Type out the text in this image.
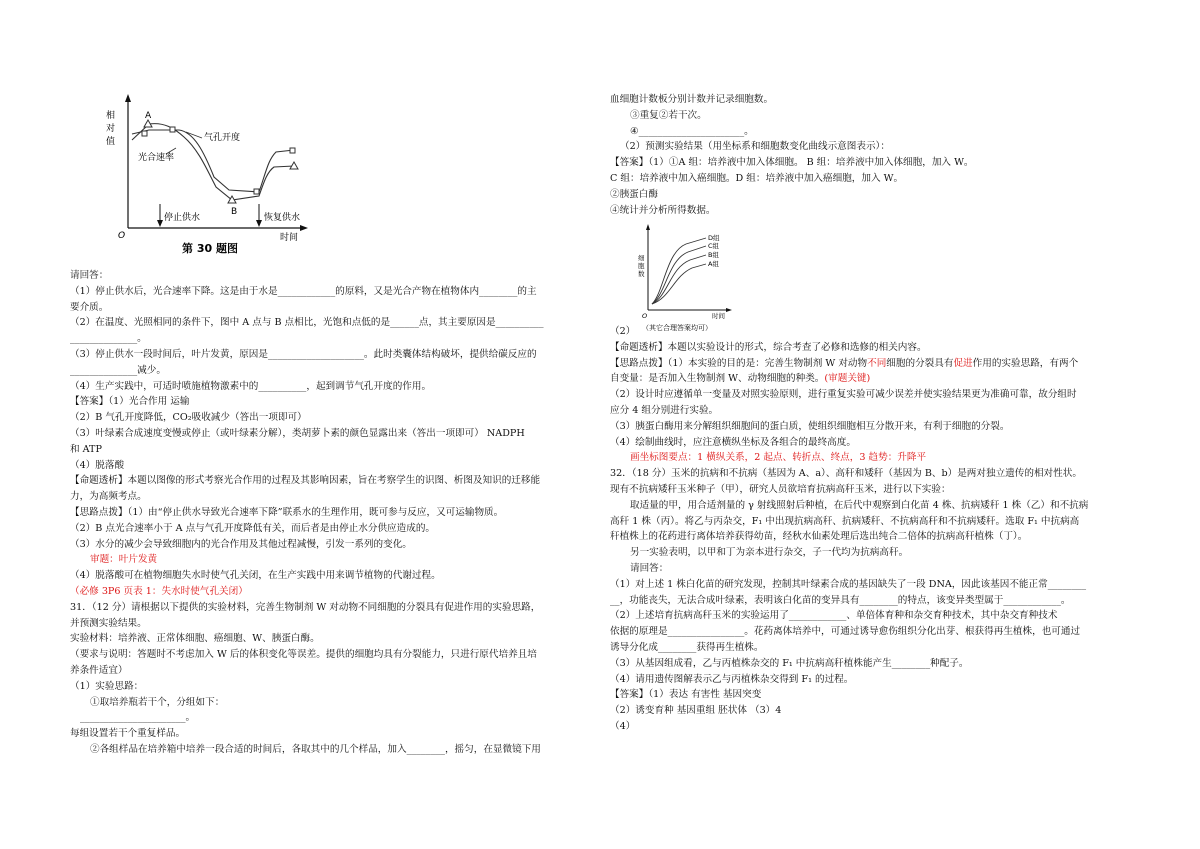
相
对
值
A
B
气孔开度
光合速率
停止供水	恢复供水
O	时间
第 30 题图
请回答：
（1）停止供水后，光合速率下降。这是由于水是____________的原料，又是光合产物在植物体内________的主
要介质。
（2）在温度、光照相同的条件下，图中 A 点与 B 点相比，光饱和点低的是______点，其主要原因是__________
______________。
（3）停止供水一段时间后，叶片发黄，原因是____________________。此时类囊体结构破坏，提供给碳反应的
______________减少。
（4）生产实践中，可适时喷施植物激素中的__________，起到调节气孔开度的作用。
【答案】（1）光合作用 运输
（2）B 气孔开度降低，CO₂吸收减少（答出一项即可）
（3）叶绿素合成速度变慢或停止（或叶绿素分解），类胡萝卜素的颜色显露出来（答出一项即可） NADPH
和 ATP
（4）脱落酸
【命题透析】本题以图像的形式考察光合作用的过程及其影响因素，旨在考察学生的识图、析图及知识的迁移能
力，为高频考点。
【思路点拨】（1）由“停止供水导致光合速率下降”联系水的生理作用，既可参与反应，又可运输物质。
（2）B 点光合速率小于 A 点与气孔开度降低有关，而后者是由停止水分供应造成的。
（3）水分的减少会导致细胞内的光合作用及其他过程减慢，引发一系列的变化。
审题：叶片发黄
（4）脱落酸可在植物细胞失水时使气孔关闭，在生产实践中用来调节植物的代谢过程。
（必修 3P6 页表 1：失水时使气孔关闭）
31．（12 分）请根据以下提供的实验材料，完善生物制剂 W 对动物不同细胞的分裂具有促进作用的实验思路，
并预测实验结果。
实验材料：培养液、正常体细胞、癌细胞、W、胰蛋白酶。
（要求与说明：答题时不考虑加入 W 后的体积变化等误差。提供的细胞均具有分裂能力，只进行原代培养且培
养条件适宜）
（1）实验思路：
①取培养瓶若干个，分组如下：
______________________。
每组设置若干个重复样品。
②各组样品在培养箱中培养一段合适的时间后，各取其中的几个样品，加入________，摇匀，在显微镜下用
血细胞计数板分别计数并记录细胞数。
③重复②若干次。
④______________________。
（2）预测实验结果（用坐标系和细胞数变化曲线示意图表示）：
【答案】（1）①A 组：培养液中加入体细胞。 B 组：培养液中加入体细胞，加入 W。
C 组：培养液中加入癌细胞。D 组：培养液中加入癌细胞，加入 W。
②胰蛋白酶
④统计并分析所得数据。
细
胞
数
D组
C组
B组
A组
O	时间
（其它合理答案均可）
（2）
【命题透析】本题以实验设计的形式，综合考查了必修和选修的相关内容。
【思路点拨】（1）本实验的目的是：完善生物制剂 W 对动物不同细胞的分裂具有促进作用的实验思路，有两个
自变量：是否加入生物制剂 W、动物细胞的种类。(审题关键)
（2）设计时应遵循单一变量及对照实验原则，进行重复实验可减少误差并使实验结果更为准确可靠，故分组时
应分 4 组分别进行实验。
（3）胰蛋白酶用来分解组织细胞间的蛋白质，使组织细胞相互分散开来，有利于细胞的分裂。
（4）绘制曲线时，应注意横纵坐标及各组合的最终高度。
画坐标图要点：1 横纵关系，2 起点、转折点、终点，3 趋势：升降平
32．（18 分）玉米的抗病和不抗病（基因为 A、a）、高秆和矮秆（基因为 B、b）是两对独立遗传的相对性状。
现有不抗病矮秆玉米种子（甲），研究人员欲培育抗病高秆玉米，进行以下实验：
取适量的甲，用合适剂量的 γ 射线照射后种植，在后代中观察到白化苗 4 株、抗病矮秆 1 株（乙）和不抗病
高秆 1 株（丙）。将乙与丙杂交，F₁ 中出现抗病高秆、抗病矮秆、不抗病高秆和不抗病矮秆。选取 F₁ 中抗病高
秆植株上的花药进行离体培养获得幼苗，经秋水仙素处理后选出纯合二倍体的抗病高秆植株（丁）。
另一实验表明，以甲和丁为亲本进行杂交，子一代均为抗病高秆。
请回答：
（1）对上述 1 株白化苗的研究发现，控制其叶绿素合成的基因缺失了一段 DNA，因此该基因不能正常________
__，功能丧失，无法合成叶绿素，表明该白化苗的变异具有________的特点，该变异类型属于____________。
（2）上述培育抗病高秆玉米的实验运用了____________、单倍体育种和杂交育种技术，其中杂交育种技术
依据的原理是________________。花药离体培养中，可通过诱导愈伤组织分化出芽、根获得再生植株，也可通过
诱导分化成________获得再生植株。
（3）从基因组成看，乙与丙植株杂交的 F₁ 中抗病高秆植株能产生________种配子。
（4）请用遗传图解表示乙与丙植株杂交得到 F₁ 的过程。
【答案】（1）表达 有害性 基因突变
（2）诱变育种 基因重组 胚状体 （3）4
（4）
